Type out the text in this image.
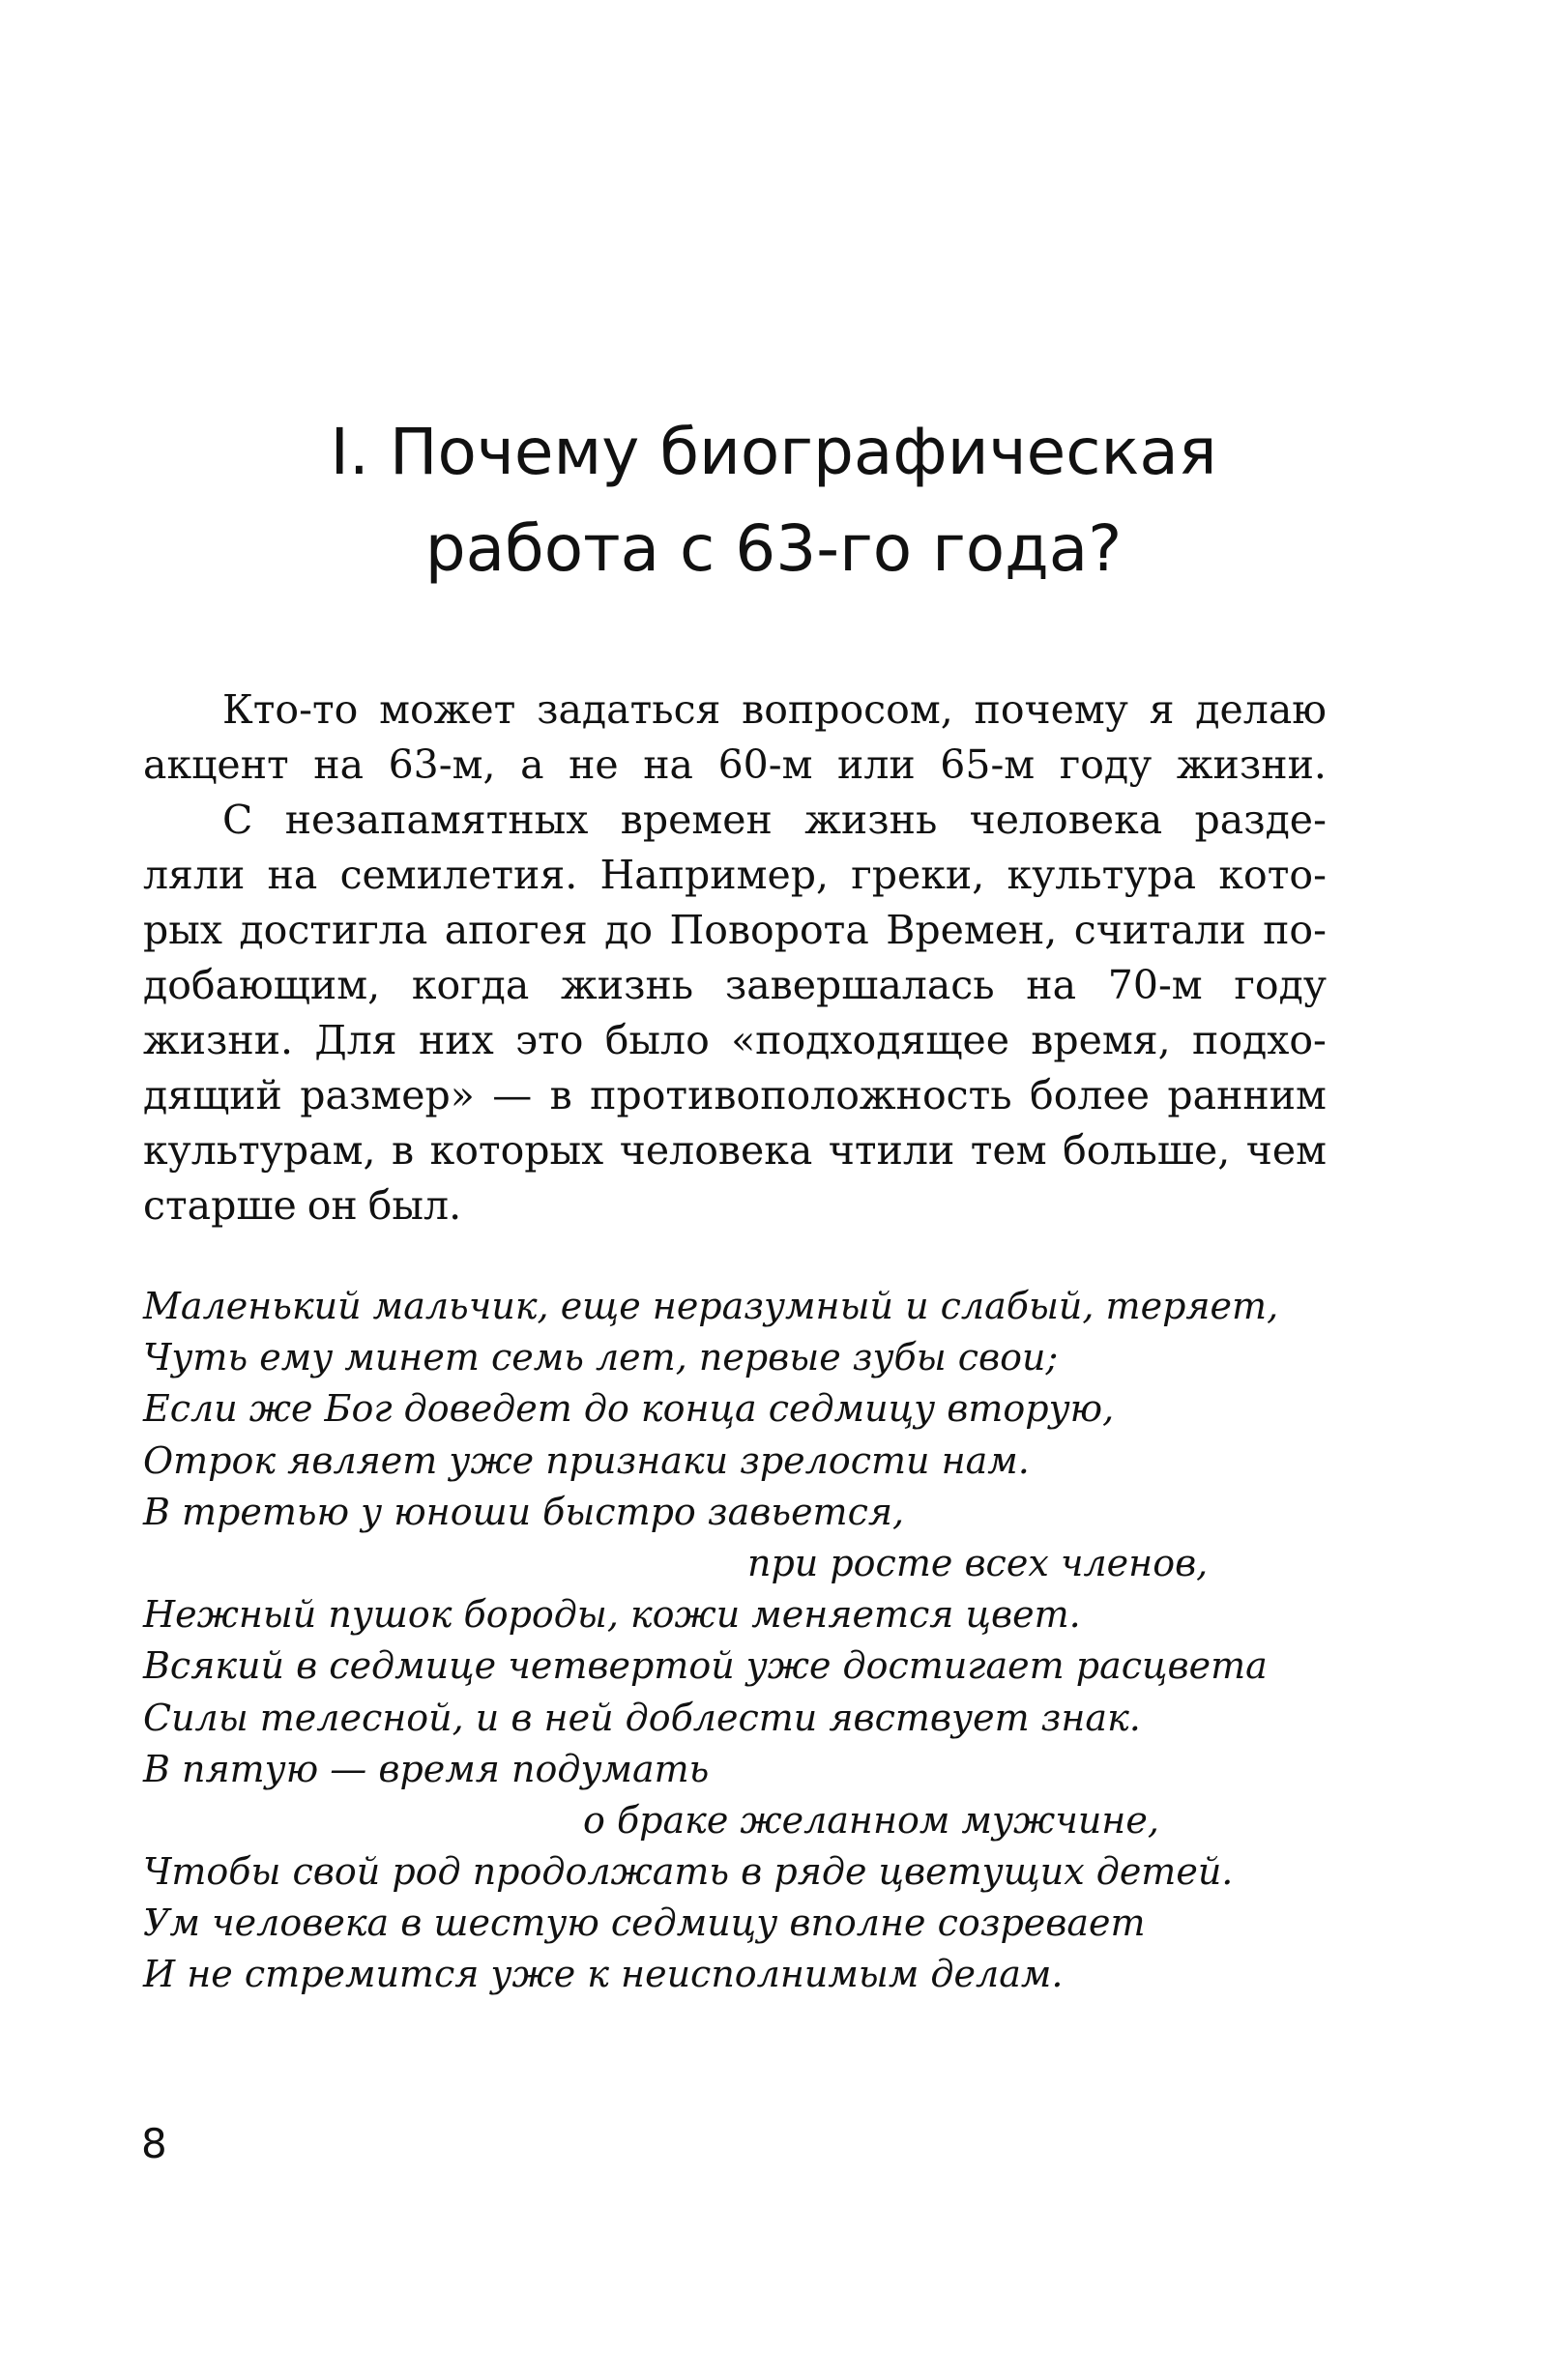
I. Почему биографическая
работа с 63-го года?
Кто-то может задаться вопросом, почему я делаю
акцент на 63-м, а не на 60-м или 65-м году жизни.
С незапамятных времен жизнь человека разде-
ляли на семилетия. Например, греки, культура кото-
рых достигла апогея до Поворота Времен, считали по-
добающим, когда жизнь завершалась на 70-м году
жизни. Для них это было «подходящее время, подхо-
дящий размер» — в противоположность более ранним
культурам, в которых человека чтили тем больше, чем
старше он был.
Маленький мальчик, еще неразумный и слабый, теряет,
Чуть ему минет семь лет, первые зубы свои;
Если же Бог доведет до конца седмицу вторую,
Отрок являет уже признаки зрелости нам.
В третью у юноши быстро завьется,
при росте всех членов,
Нежный пушок бороды, кожи меняется цвет.
Всякий в седмице четвертой уже достигает расцвета
Силы телесной, и в ней доблести явствует знак.
В пятую — время подумать
о браке желанном мужчине,
Чтобы свой род продолжать в ряде цветущих детей.
Ум человека в шестую седмицу вполне созревает
И не стремится уже к неисполнимым делам.
8
